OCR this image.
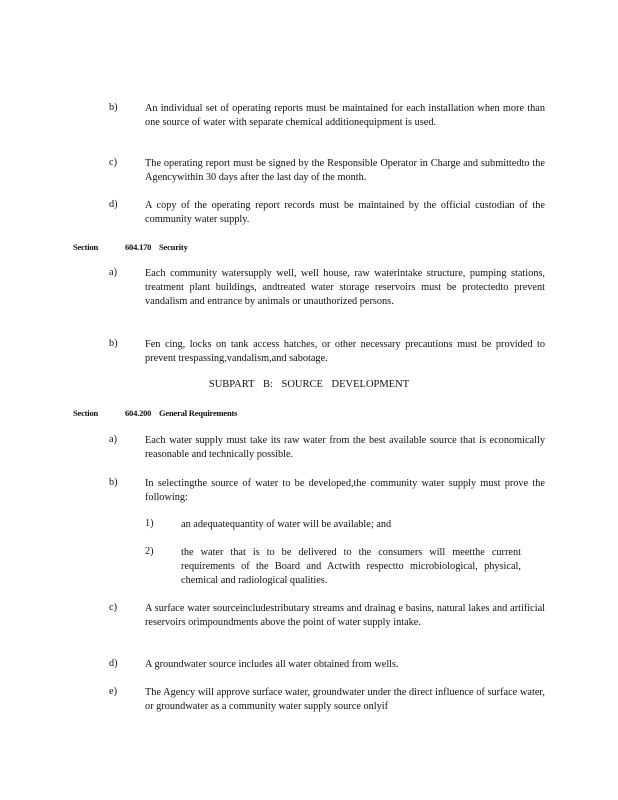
b)	An individual set of operating reports must be maintained for each installation when more than one source of water with separate chemical additionequipment is used.
c)	The operating report must be signed by the Responsible Operator in Charge and submittedto the Agencywithin 30 days after the last day of the month.
d)	A copy of the operating report records must be maintained by the official custodian of the community water supply.
Section	604.170 Security
a)	Each community watersupply well, well house, raw waterintake structure, pumping stations, treatment plant buildings, andtreated water storage reservoirs must be protectedto prevent vandalism and entrance by animals or unauthorized persons.
b)	Fen cing, locks on tank access hatches, or other necessary precautions must be provided to prevent trespassing,vandalism,and sabotage.
SUBPART B: SOURCE DEVELOPMENT
Section	604.200 General Requirements
a)	Each water supply must take its raw water from the best available source that is economically reasonable and technically possible.
b)	In selectingthe source of water to be developed,the community water supply must prove the following:
1)	an adequatequantity of water will be available; and
2)	the water that is to be delivered to the consumers will meetthe current requirements of the Board and Actwith respectto microbiological, physical, chemical and radiological qualities.
c)	A surface water sourceincludestributary streams and drainag e basins, natural lakes and artificial reservoirs orimpoundments above the point of water supply intake.
d)	A groundwater source includes all water obtained from wells.
e)	The Agency will approve surface water, groundwater under the direct influence of surface water, or groundwater as a community water supply source onlyif
